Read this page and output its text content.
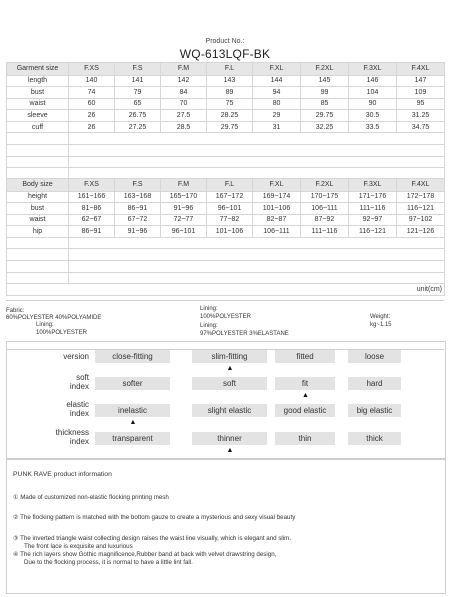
Product No.:
WQ-613LQF-BK
Garment size	F.XS	F.S	F.M	F.L	F.XL	F.2XL	F.3XL	F.4XL
length	140	141	142	143	144	145	146	147
bust	74	79	84	89	94	99	104	109
waist	60	65	70	75	80	85	90	95
sleeve	26	26.75	27.5	28.25	29	29.75	30.5	31.25
cuff	26	27.25	28.5	29.75	31	32.25	33.5	34.75

Body size	F.XS	F.S	F.M	F.L	F.XL	F.2XL	F.3XL	F.4XL
height	161~166	163~168	165~170	167~172	169~174	170~175	171~176	172~178
bust	81~86	86~91	91~96	96~101	101~106	106~111	111~116	116~121
waist	62~67	67~72	72~77	77~82	82~87	87~92	92~97	97~102
hip	86~91	91~96	96~101	101~106	106~111	111~116	116~121	121~126

unit(cm)								
Fabric:
60%POLYESTER 40%POLYAMIDE
Lining:
100%POLYESTER
Lining:
100%POLYESTER
Lining:
97%POLYESTER 3%ELASTANE
Weight:
kg~1.15
version	close-fitting	slim-fitting	fitted	loose
▲
soft
index	softer	soft	fit	hard
▲
elastic
index	inelastic	slight elastic	good elastic	big elastic
▲
thickness
index	transparent	thinner	thin	thick
▲
PUNK RAVE product information
① Made of customized non-elastic flocking printing mesh
② The flocking pattern is matched with the bottom gauze to create a mysterious and sexy visual beauty
③ The inverted triangle waist collecting design raises the waist line visually, which is elegant and slim.
The front lace is exquisite and luxurious
④ The rich layers show Gothic magnificence,Rubber band at back with velvet drawstring design,
Due to the flocking process, it is normal to have a little lint fall.
